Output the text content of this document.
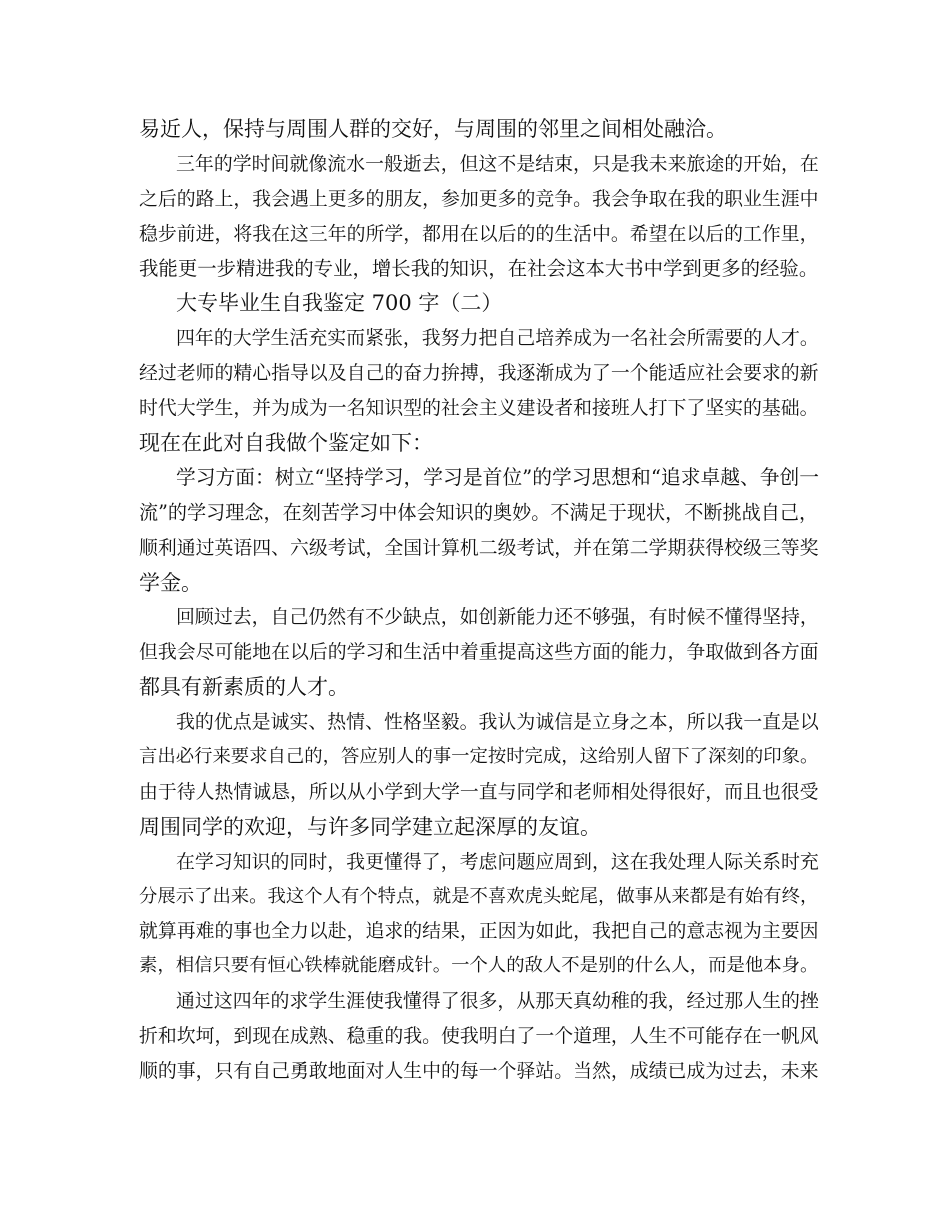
易近人，保持与周围人群的交好，与周围的邻里之间相处融洽。
三年的学时间就像流水一般逝去，但这不是结束，只是我未来旅途的开始，在
之后的路上，我会遇上更多的朋友，参加更多的竞争。我会争取在我的职业生涯中
稳步前进，将我在这三年的所学，都用在以后的的生活中。希望在以后的工作里，
我能更一步精进我的专业，增长我的知识，在社会这本大书中学到更多的经验。
大专毕业生自我鉴定 700 字（二）
四年的大学生活充实而紧张，我努力把自己培养成为一名社会所需要的人才。
经过老师的精心指导以及自己的奋力拚搏，我逐渐成为了一个能适应社会要求的新
时代大学生，并为成为一名知识型的社会主义建设者和接班人打下了坚实的基础。
现在在此对自我做个鉴定如下：
学习方面：树立“坚持学习，学习是首位”的学习思想和“追求卓越、争创一
流”的学习理念，在刻苦学习中体会知识的奥妙。不满足于现状，不断挑战自己，
顺利通过英语四、六级考试，全国计算机二级考试，并在第二学期获得校级三等奖
学金。
回顾过去，自己仍然有不少缺点，如创新能力还不够强，有时候不懂得坚持，
但我会尽可能地在以后的学习和生活中着重提高这些方面的能力，争取做到各方面
都具有新素质的人才。
我的优点是诚实、热情、性格坚毅。我认为诚信是立身之本，所以我一直是以
言出必行来要求自己的，答应别人的事一定按时完成，这给别人留下了深刻的印象。
由于待人热情诚恳，所以从小学到大学一直与同学和老师相处得很好，而且也很受
周围同学的欢迎，与许多同学建立起深厚的友谊。
在学习知识的同时，我更懂得了，考虑问题应周到，这在我处理人际关系时充
分展示了出来。我这个人有个特点，就是不喜欢虎头蛇尾，做事从来都是有始有终，
就算再难的事也全力以赴，追求的结果，正因为如此，我把自己的意志视为主要因
素，相信只要有恒心铁棒就能磨成针。一个人的敌人不是别的什么人，而是他本身。
通过这四年的求学生涯使我懂得了很多，从那天真幼稚的我，经过那人生的挫
折和坎坷，到现在成熟、稳重的我。使我明白了一个道理，人生不可能存在一帆风
顺的事，只有自己勇敢地面对人生中的每一个驿站。当然，成绩已成为过去，未来
